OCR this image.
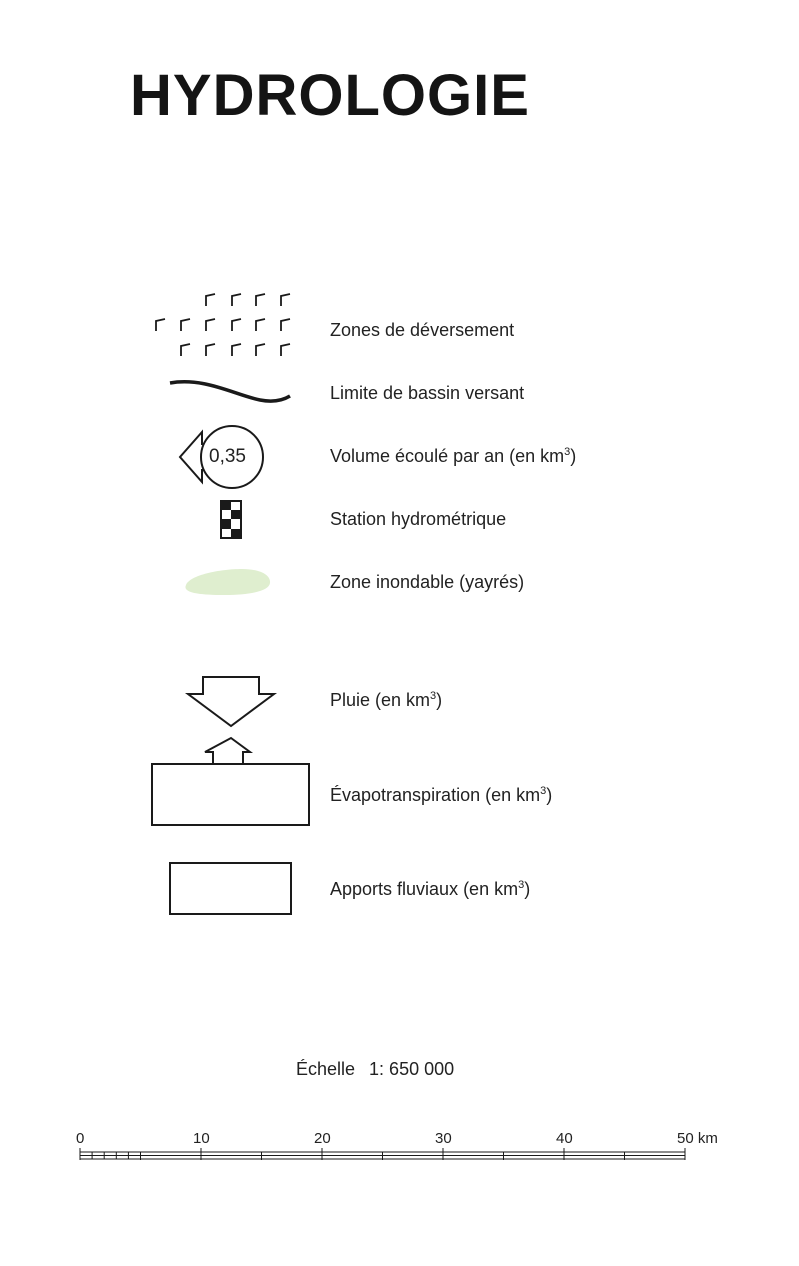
HYDROLOGIE
Zones de déversement
Limite de bassin versant
0,35	Volume écoulé par an (en $km^3$)
Station hydrométrique
Zone inondable (yayrés)
Pluie (en $km^3$)
Évapotranspiration (en $km^3$)
Apports fluviaux (en $km^3$)
Échelle 1: 650 000
0	10	20	30	40	50 km
